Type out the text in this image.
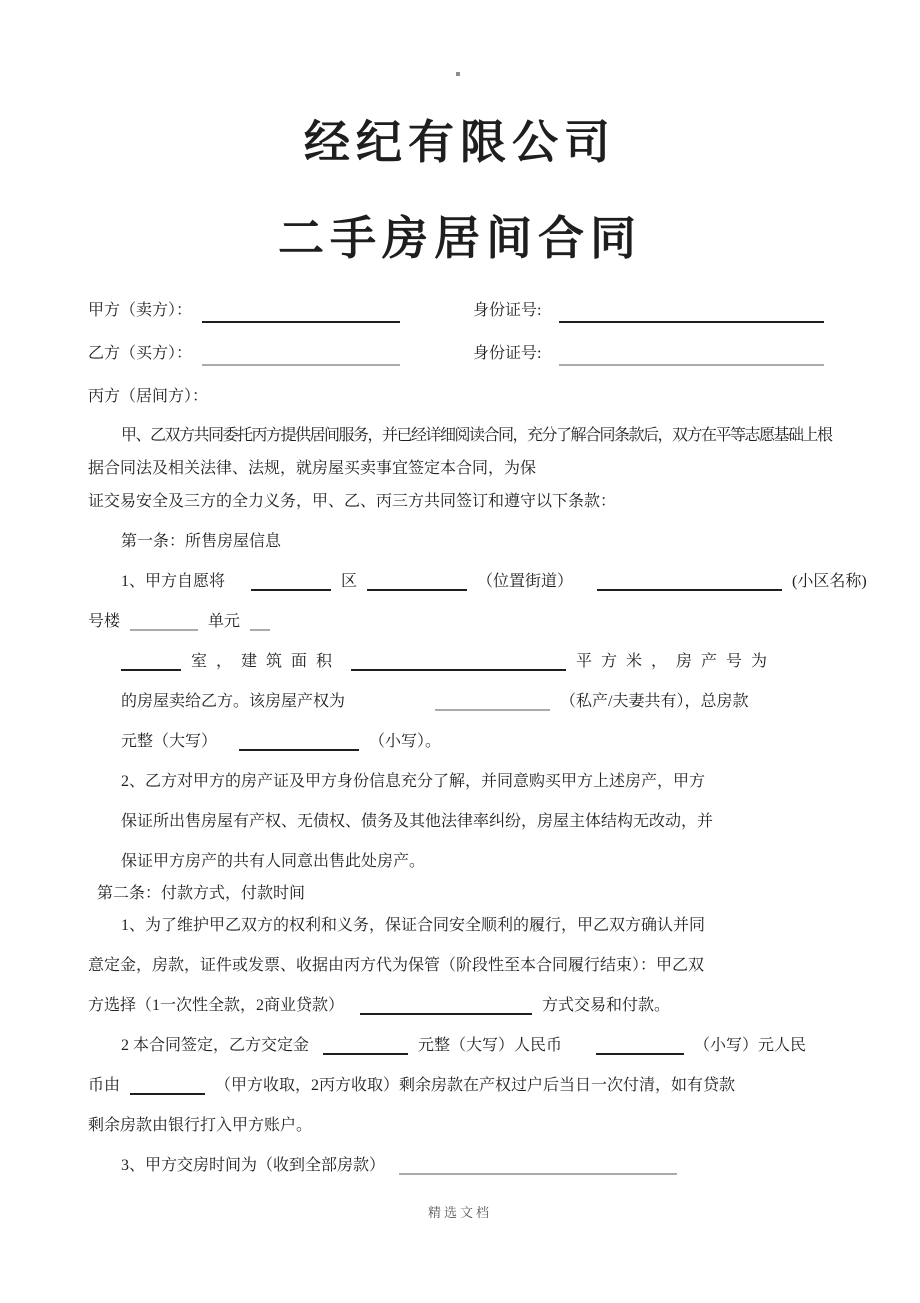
经纪有限公司
二手房居间合同
甲方（卖方）：	身份证号:
乙方（买方）：	身份证号:
丙方（居间方）：
甲、乙双方共同委托丙方提供居间服务，并已经详细阅读合同，充分了解合同条款后，双方在平等志愿基础上根
据合同法及相关法律、法规，就房屋买卖事宜签定本合同，为保
证交易安全及三方的全力义务，甲、乙、丙三方共同签订和遵守以下条款：
第一条：所售房屋信息
1、甲方自愿将	区	（位置街道）	(小区名称)
号楼	单元
室，建筑面积	平方米，房产号为
的房屋卖给乙方。该房屋产权为	（私产/夫妻共有），总房款
元整（大写）	（小写）。
2、乙方对甲方的房产证及甲方身份信息充分了解，并同意购买甲方上述房产，甲方
保证所出售房屋有产权、无债权、债务及其他法律率纠纷，房屋主体结构无改动，并
保证甲方房产的共有人同意出售此处房产。
第二条：付款方式，付款时间
1、为了维护甲乙双方的权利和义务，保证合同安全顺利的履行，甲乙双方确认并同
意定金，房款，证件或发票、收据由丙方代为保管（阶段性至本合同履行结束）：甲乙双
方选择（1一次性全款，2商业贷款）	方式交易和付款。
2 本合同签定，乙方交定金	元整（大写）人民币	（小写）元人民
币由	（甲方收取，2丙方收取）剩余房款在产权过户后当日一次付清，如有贷款
剩余房款由银行打入甲方账户。
3、甲方交房时间为（收到全部房款）
精选文档
